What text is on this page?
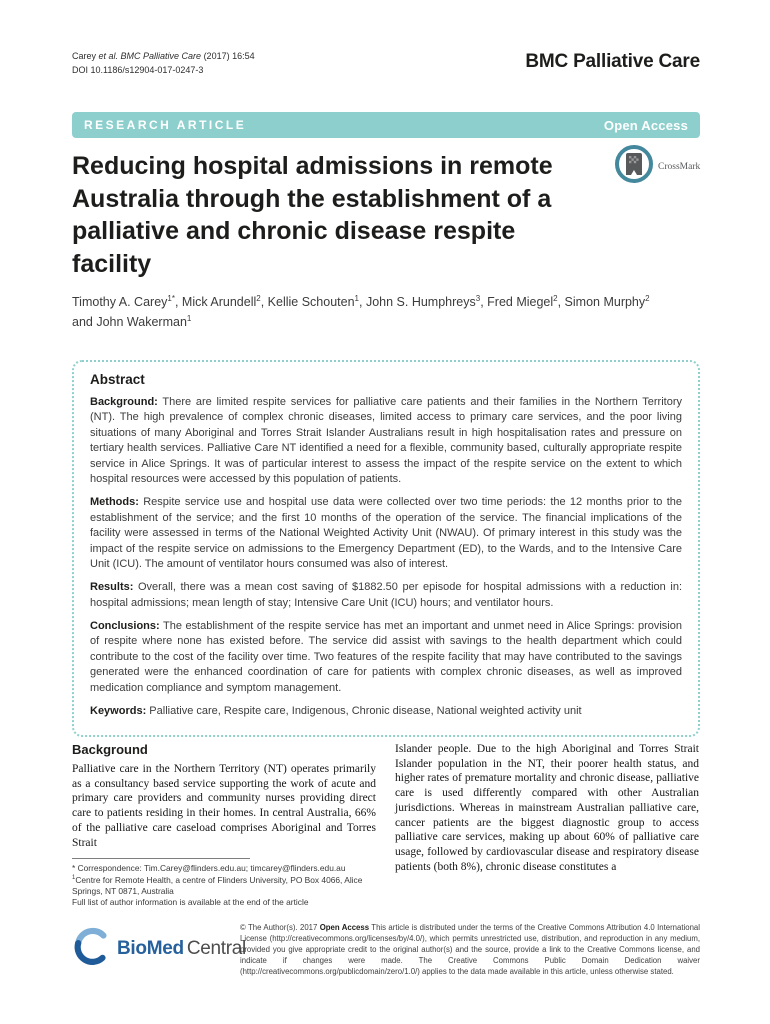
Carey et al. BMC Palliative Care (2017) 16:54
DOI 10.1186/s12904-017-0247-3	BMC Palliative Care
RESEARCH ARTICLE	Open Access
Reducing hospital admissions in remote
Australia through the establishment of a
palliative and chronic disease respite
facility
CrossMark
Timothy A. Carey$^{1*}$, Mick Arundell$^2$, Kellie Schouten$^1$, John S. Humphreys$^3$, Fred Miegel$^2$, Simon Murphy$^2$
and John Wakerman$^1$
Abstract

Background: There are limited respite services for palliative care patients and their families in the Northern Territory (NT). The high prevalence of complex chronic diseases, limited access to primary care services, and the poor living situations of many Aboriginal and Torres Strait Islander Australians result in high hospitalisation rates and pressure on tertiary health services. Palliative Care NT identified a need for a flexible, community based, culturally appropriate respite service in Alice Springs. It was of particular interest to assess the impact of the respite service on the extent to which hospital resources were accessed by this population of patients.

Methods: Respite service use and hospital use data were collected over two time periods: the 12 months prior to the establishment of the service; and the first 10 months of the operation of the service. The financial implications of the facility were assessed in terms of the National Weighted Activity Unit (NWAU). Of primary interest in this study was the impact of the respite service on admissions to the Emergency Department (ED), to the Wards, and to the Intensive Care Unit (ICU). The amount of ventilator hours consumed was also of interest.

Results: Overall, there was a mean cost saving of $1882.50 per episode for hospital admissions with a reduction in: hospital admissions; mean length of stay; Intensive Care Unit (ICU) hours; and ventilator hours.

Conclusions: The establishment of the respite service has met an important and unmet need in Alice Springs: provision of respite where none has existed before. The service did assist with savings to the health department which could contribute to the cost of the facility over time. Two features of the respite facility that may have contributed to the savings generated were the enhanced coordination of care for patients with complex chronic diseases, as well as improved medication compliance and symptom management.

Keywords: Palliative care, Respite care, Indigenous, Chronic disease, National weighted activity unit

Background

Palliative care in the Northern Territory (NT) operates primarily as a consultancy based service supporting the work of acute and primary care providers and community nurses providing direct care to patients residing in their homes. In central Australia, 66% of the palliative care caseload comprises Aboriginal and Torres Strait

* Correspondence: Tim.Carey@flinders.edu.au; timcarey@flinders.edu.au
$^1$Centre for Remote Health, a centre of Flinders University, PO Box 4066, Alice Springs, NT 0871, Australia
Full list of author information is available at the end of the article

Islander people. Due to the high Aboriginal and Torres Strait Islander population in the NT, their poorer health status, and higher rates of premature mortality and chronic disease, palliative care is used differently compared with other Australian jurisdictions. Whereas in mainstream Australian palliative care, cancer patients are the biggest diagnostic group to access palliative care services, making up about 60% of palliative care usage, followed by cardiovascular disease and respiratory disease patients (both 8%), chronic disease constitutes a

BioMed Central
© The Author(s). 2017 Open Access This article is distributed under the terms of the Creative Commons Attribution 4.0 International License (http://creativecommons.org/licenses/by/4.0/), which permits unrestricted use, distribution, and reproduction in any medium, provided you give appropriate credit to the original author(s) and the source, provide a link to the Creative Commons license, and indicate if changes were made. The Creative Commons Public Domain Dedication waiver (http://creativecommons.org/publicdomain/zero/1.0/) applies to the data made available in this article, unless otherwise stated.
